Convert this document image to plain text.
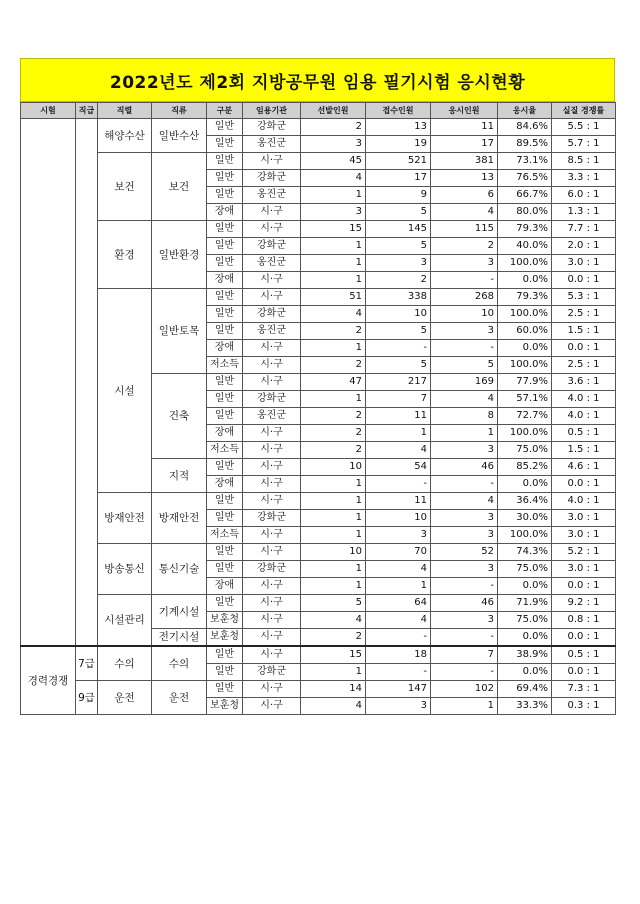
2022년도 제2회 지방공무원 임용 필기시험 응시현황
시험	직급	직렬	직류	구분	임용기관	선발인원	접수인원	응시인원	응시율	실질 경쟁률
		해양수산	일반수산	일반	강화군	2	13	11	84.6%	5.5 : 1
				일반	옹진군	3	19	17	89.5%	5.7 : 1
		보건	보건	일반	시·구	45	521	381	73.1%	8.5 : 1
				일반	강화군	4	17	13	76.5%	3.3 : 1
				일반	옹진군	1	9	6	66.7%	6.0 : 1
				장애	시·구	3	5	4	80.0%	1.3 : 1
		환경	일반환경	일반	시·구	15	145	115	79.3%	7.7 : 1
				일반	강화군	1	5	2	40.0%	2.0 : 1
				일반	옹진군	1	3	3	100.0%	3.0 : 1
				장애	시·구	1	2	-	0.0%	0.0 : 1
		시설	일반토목	일반	시·구	51	338	268	79.3%	5.3 : 1
				일반	강화군	4	10	10	100.0%	2.5 : 1
				일반	옹진군	2	5	3	60.0%	1.5 : 1
				장애	시·구	1	-	-	0.0%	0.0 : 1
				저소득	시·구	2	5	5	100.0%	2.5 : 1
			건축	일반	시·구	47	217	169	77.9%	3.6 : 1
				일반	강화군	1	7	4	57.1%	4.0 : 1
				일반	옹진군	2	11	8	72.7%	4.0 : 1
				장애	시·구	2	1	1	100.0%	0.5 : 1
				저소득	시·구	2	4	3	75.0%	1.5 : 1
			지적	일반	시·구	10	54	46	85.2%	4.6 : 1
				장애	시·구	1	-	-	0.0%	0.0 : 1
		방재안전	방재안전	일반	시·구	1	11	4	36.4%	4.0 : 1
				일반	강화군	1	10	3	30.0%	3.0 : 1
				저소득	시·구	1	3	3	100.0%	3.0 : 1
		방송통신	통신기술	일반	시·구	10	70	52	74.3%	5.2 : 1
				일반	강화군	1	4	3	75.0%	3.0 : 1
				장애	시·구	1	1	-	0.0%	0.0 : 1
		시설관리	기계시설	일반	시·구	5	64	46	71.9%	9.2 : 1
				보훈청	시·구	4	4	3	75.0%	0.8 : 1
			전기시설	보훈청	시·구	2	-	-	0.0%	0.0 : 1
경력경쟁	7급	수의	수의	일반	시·구	15	18	7	38.9%	0.5 : 1
				일반	강화군	1	-	-	0.0%	0.0 : 1
	9급	운전	운전	일반	시·구	14	147	102	69.4%	7.3 : 1
				보훈청	시·구	4	3	1	33.3%	0.3 : 1
